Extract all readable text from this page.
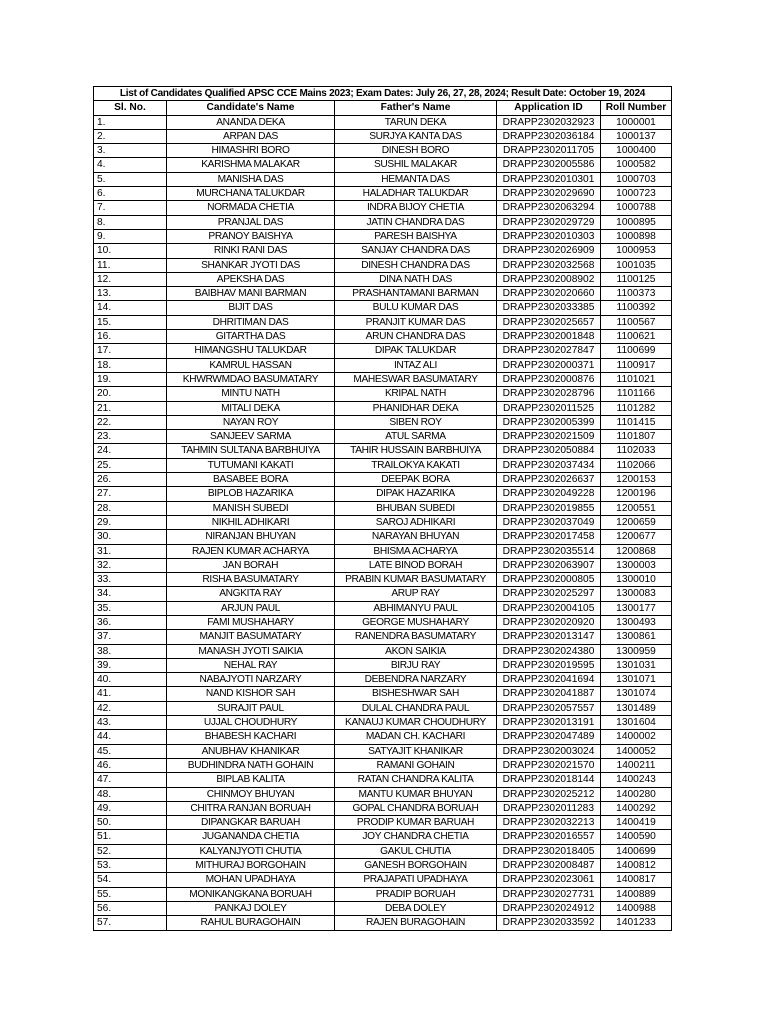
List of Candidates Qualified APSC CCE Mains 2023; Exam Dates: July 26, 27, 28, 2024; Result Date: October 19, 2024				
Sl. No.	Candidate's Name	Father's Name	Application ID	Roll Number
1.	ANANDA DEKA	TARUN DEKA	DRAPP2302032923	1000001
2.	ARPAN DAS	SURJYA KANTA DAS	DRAPP2302036184	1000137
3.	HIMASHRI BORO	DINESH BORO	DRAPP2302011705	1000400
4.	KARISHMA MALAKAR	SUSHIL MALAKAR	DRAPP2302005586	1000582
5.	MANISHA DAS	HEMANTA DAS	DRAPP2302010301	1000703
6.	MURCHANA TALUKDAR	HALADHAR TALUKDAR	DRAPP2302029690	1000723
7.	NORMADA CHETIA	INDRA BIJOY CHETIA	DRAPP2302063294	1000788
8.	PRANJAL DAS	JATIN CHANDRA DAS	DRAPP2302029729	1000895
9.	PRANOY BAISHYA	PARESH BAISHYA	DRAPP2302010303	1000898
10.	RINKI RANI DAS	SANJAY CHANDRA DAS	DRAPP2302026909	1000953
11.	SHANKAR JYOTI DAS	DINESH CHANDRA DAS	DRAPP2302032568	1001035
12.	APEKSHA DAS	DINA NATH DAS	DRAPP2302008902	1100125
13.	BAIBHAV MANI BARMAN	PRASHANTAMANI BARMAN	DRAPP2302020660	1100373
14.	BIJIT DAS	BULU KUMAR DAS	DRAPP2302033385	1100392
15.	DHRITIMAN DAS	PRANJIT KUMAR DAS	DRAPP2302025657	1100567
16.	GITARTHA DAS	ARUN CHANDRA DAS	DRAPP2302001848	1100621
17.	HIMANGSHU TALUKDAR	DIPAK TALUKDAR	DRAPP2302027847	1100699
18.	KAMRUL HASSAN	INTAZ ALI	DRAPP2302000371	1100917
19.	KHWRWMDAO BASUMATARY	MAHESWAR BASUMATARY	DRAPP2302000876	1101021
20.	MINTU NATH	KRIPAL NATH	DRAPP2302028796	1101166
21.	MITALI DEKA	PHANIDHAR DEKA	DRAPP2302011525	1101282
22.	NAYAN ROY	SIBEN ROY	DRAPP2302005399	1101415
23.	SANJEEV SARMA	ATUL SARMA	DRAPP2302021509	1101807
24.	TAHMIN SULTANA BARBHUIYA	TAHIR HUSSAIN BARBHUIYA	DRAPP2302050884	1102033
25.	TUTUMANI KAKATI	TRAILOKYA KAKATI	DRAPP2302037434	1102066
26.	BASABEE BORA	DEEPAK BORA	DRAPP2302026637	1200153
27.	BIPLOB HAZARIKA	DIPAK HAZARIKA	DRAPP2302049228	1200196
28.	MANISH SUBEDI	BHUBAN SUBEDI	DRAPP2302019855	1200551
29.	NIKHIL ADHIKARI	SAROJ ADHIKARI	DRAPP2302037049	1200659
30.	NIRANJAN BHUYAN	NARAYAN BHUYAN	DRAPP2302017458	1200677
31.	RAJEN KUMAR ACHARYA	BHISMA ACHARYA	DRAPP2302035514	1200868
32.	JAN BORAH	LATE BINOD BORAH	DRAPP2302063907	1300003
33.	RISHA BASUMATARY	PRABIN KUMAR BASUMATARY	DRAPP2302000805	1300010
34.	ANGKITA RAY	ARUP RAY	DRAPP2302025297	1300083
35.	ARJUN PAUL	ABHIMANYU PAUL	DRAPP2302004105	1300177
36.	FAMI MUSHAHARY	GEORGE MUSHAHARY	DRAPP2302020920	1300493
37.	MANJIT BASUMATARY	RANENDRA BASUMATARY	DRAPP2302013147	1300861
38.	MANASH JYOTI SAIKIA	AKON SAIKIA	DRAPP2302024380	1300959
39.	NEHAL RAY	BIRJU RAY	DRAPP2302019595	1301031
40.	NABAJYOTI NARZARY	DEBENDRA NARZARY	DRAPP2302041694	1301071
41.	NAND KISHOR SAH	BISHESHWAR SAH	DRAPP2302041887	1301074
42.	SURAJIT PAUL	DULAL CHANDRA PAUL	DRAPP2302057557	1301489
43.	UJJAL CHOUDHURY	KANAUJ KUMAR CHOUDHURY	DRAPP2302013191	1301604
44.	BHABESH KACHARI	MADAN CH. KACHARI	DRAPP2302047489	1400002
45.	ANUBHAV KHANIKAR	SATYAJIT KHANIKAR	DRAPP2302003024	1400052
46.	BUDHINDRA NATH GOHAIN	RAMANI GOHAIN	DRAPP2302021570	1400211
47.	BIPLAB KALITA	RATAN CHANDRA KALITA	DRAPP2302018144	1400243
48.	CHINMOY BHUYAN	MANTU KUMAR BHUYAN	DRAPP2302025212	1400280
49.	CHITRA RANJAN BORUAH	GOPAL CHANDRA BORUAH	DRAPP2302011283	1400292
50.	DIPANGKAR BARUAH	PRODIP KUMAR BARUAH	DRAPP2302032213	1400419
51.	JUGANANDA CHETIA	JOY CHANDRA CHETIA	DRAPP2302016557	1400590
52.	KALYANJYOTI CHUTIA	GAKUL CHUTIA	DRAPP2302018405	1400699
53.	MITHURAJ BORGOHAIN	GANESH BORGOHAIN	DRAPP2302008487	1400812
54.	MOHAN UPADHAYA	PRAJAPATI UPADHAYA	DRAPP2302023061	1400817
55.	MONIKANGKANA BORUAH	PRADIP BORUAH	DRAPP2302027731	1400889
56.	PANKAJ DOLEY	DEBA DOLEY	DRAPP2302024912	1400988
57.	RAHUL BURAGOHAIN	RAJEN BURAGOHAIN	DRAPP2302033592	1401233
